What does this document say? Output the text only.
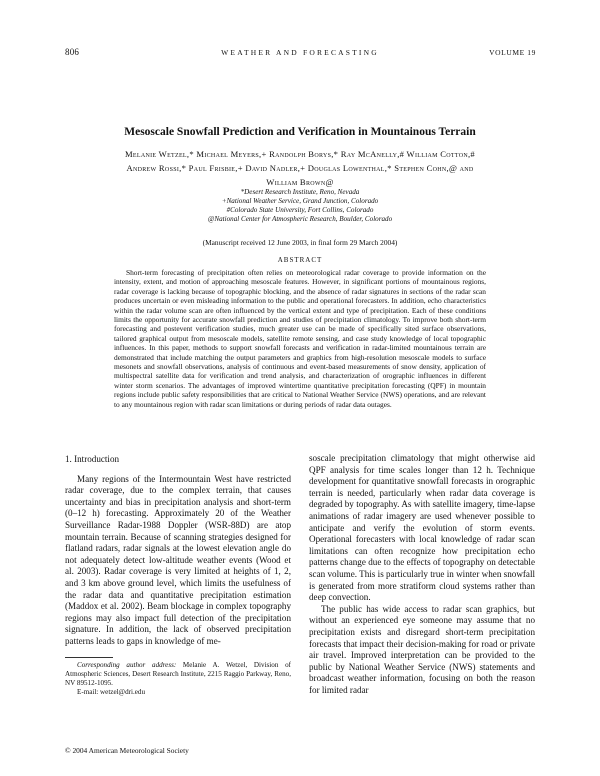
806	WEATHER AND FORECASTING	VOLUME 19
Mesoscale Snowfall Prediction and Verification in Mountainous Terrain
Melanie Wetzel,* Michael Meyers,+ Randolph Borys,* Ray McAnelly,# William Cotton,#
Andrew Rossi,* Paul Frisbie,+ David Nadler,+ Douglas Lowenthal,* Stephen Cohn,@ and
William Brown@
*Desert Research Institute, Reno, Nevada
+National Weather Service, Grand Junction, Colorado
#Colorado State University, Fort Collins, Colorado
@National Center for Atmospheric Research, Boulder, Colorado
(Manuscript received 12 June 2003, in final form 29 March 2004)
ABSTRACT
Short-term forecasting of precipitation often relies on meteorological radar coverage to provide information on the intensity, extent, and motion of approaching mesoscale features. However, in significant portions of mountainous regions, radar coverage is lacking because of topographic blocking, and the absence of radar signatures in sections of the radar scan produces uncertain or even misleading information to the public and operational forecasters. In addition, echo characteristics within the radar volume scan are often influenced by the vertical extent and type of precipitation. Each of these conditions limits the opportunity for accurate snowfall prediction and studies of precipitation climatology. To improve both short-term forecasting and postevent verification studies, much greater use can be made of specifically sited surface observations, tailored graphical output from mesoscale models, satellite remote sensing, and case study knowledge of local topographic influences. In this paper, methods to support snowfall forecasts and verification in radar-limited mountainous terrain are demonstrated that include matching the output parameters and graphics from high-resolution mesoscale models to surface mesonets and snowfall observations, analysis of continuous and event-based measurements of snow density, application of multispectral satellite data for verification and trend analysis, and characterization of orographic influences in different winter storm scenarios. The advantages of improved wintertime quantitative precipitation forecasting (QPF) in mountain regions include public safety responsibilities that are critical to National Weather Service (NWS) operations, and are relevant to any mountainous region with radar scan limitations or during periods of radar data outages.
1. Introduction

Many regions of the Intermountain West have restricted radar coverage, due to the complex terrain, that causes uncertainty and bias in precipitation analysis and short-term (0–12 h) forecasting. Approximately 20 of the Weather Surveillance Radar-1988 Doppler (WSR-88D) are atop mountain terrain. Because of scanning strategies designed for flatland radars, radar signals at the lowest elevation angle do not adequately detect low-altitude weather events (Wood et al. 2003). Radar coverage is very limited at heights of 1, 2, and 3 km above ground level, which limits the usefulness of the radar data and quantitative precipitation estimation (Maddox et al. 2002). Beam blockage in complex topography regions may also impact full detection of the precipitation signature. In addition, the lack of observed precipitation patterns leads to gaps in knowledge of me-

soscale precipitation climatology that might otherwise aid QPF analysis for time scales longer than 12 h. Technique development for quantitative snowfall forecasts in orographic terrain is needed, particularly when radar data coverage is degraded by topography. As with satellite imagery, time-lapse animations of radar imagery are used whenever possible to anticipate and verify the evolution of storm events. Operational forecasters with local knowledge of radar scan limitations can often recognize how precipitation echo patterns change due to the effects of topography on detectable scan volume. This is particularly true in winter when snowfall is generated from more stratiform cloud systems rather than deep convection.

The public has wide access to radar scan graphics, but without an experienced eye someone may assume that no precipitation exists and disregard short-term precipitation forecasts that impact their decision-making for road or private air travel. Improved interpretation can be provided to the public by National Weather Service (NWS) statements and broadcast weather information, focusing on both the reason for limited radar

Corresponding author address: Melanie A. Wetzel, Division of Atmospheric Sciences, Desert Research Institute, 2215 Raggio Parkway, Reno, NV 89512-1095.
E-mail: wetzel@dri.edu
© 2004 American Meteorological Society
